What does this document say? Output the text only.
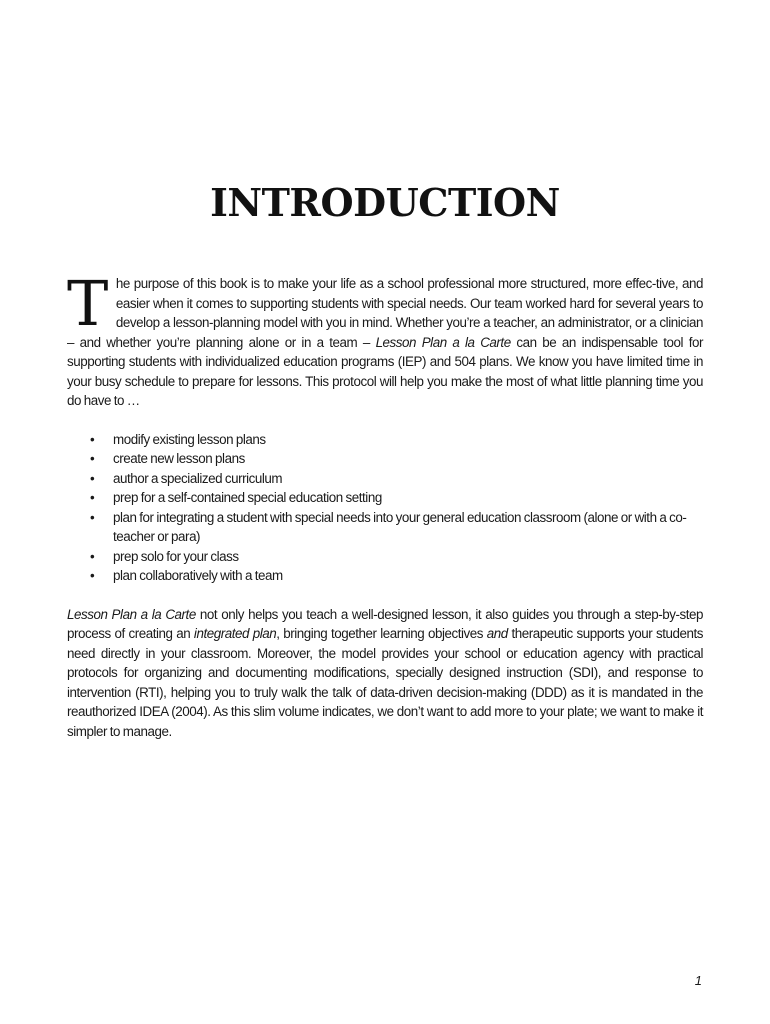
INTRODUCTION

The purpose of this book is to make your life as a school professional more structured, more effec-tive, and easier when it comes to supporting students with special needs. Our team worked hard for several years to develop a lesson-planning model with you in mind. Whether you’re a teacher, an administrator, or a clinician – and whether you’re planning alone or in a team – Lesson Plan a la Carte can be an indispensable tool for supporting students with individualized education programs (IEP) and 504 plans. We know you have limited time in your busy schedule to prepare for lessons. This protocol will help you make the most of what little planning time you do have to …

• modify existing lesson plans
• create new lesson plans
• author a specialized curriculum
• prep for a self-contained special education setting
• plan for integrating a student with special needs into your general education classroom (alone or with a co-teacher or para)
• prep solo for your class
• plan collaboratively with a team

Lesson Plan a la Carte not only helps you teach a well-designed lesson, it also guides you through a step-by-step process of creating an integrated plan, bringing together learning objectives and therapeutic supports your students need directly in your classroom. Moreover, the model provides your school or education agency with practical protocols for organizing and documenting modifications, specially designed instruction (SDI), and response to intervention (RTI), helping you to truly walk the talk of data-driven decision-making (DDD) as it is mandated in the reauthorized IDEA (2004). As this slim volume indicates, we don’t want to add more to your plate; we want to make it simpler to manage.

1
